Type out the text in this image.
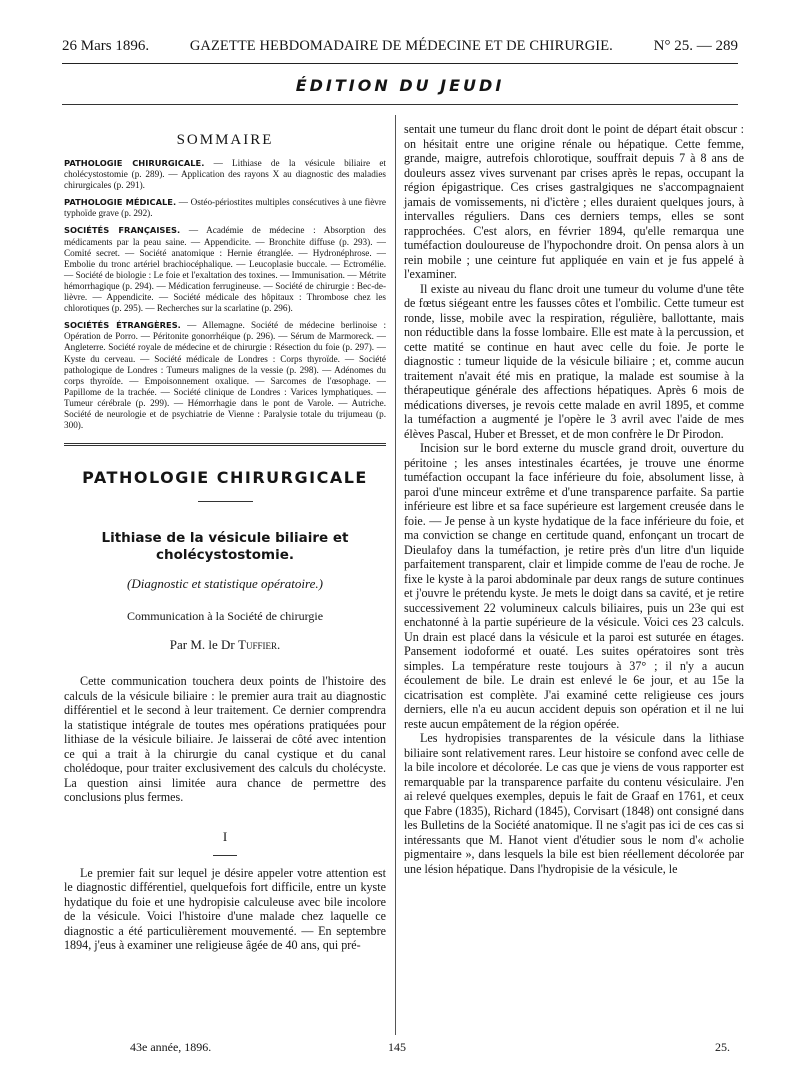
26 Mars 1896.	GAZETTE HEBDOMADAIRE DE MÉDECINE ET DE CHIRURGIE.	N° 25. — 289
ÉDITION DU JEUDI
SOMMAIRE
PATHOLOGIE CHIRURGICALE. — Lithiase de la vésicule biliaire et cholécystostomie (p. 289). — Application des rayons X au diagnostic des maladies chirurgicales (p. 291).
PATHOLOGIE MÉDICALE. — Ostéo-périostites multiples consécutives à une fièvre typhoïde grave (p. 292).
SOCIÉTÉS FRANÇAISES. — Académie de médecine : Absorption des médicaments par la peau saine. — Appendicite. — Bronchite diffuse (p. 293). — Comité secret. — Société anatomique : Hernie étranglée. — Hydronéphrose. — Embolie du tronc artériel brachiocéphalique. — Leucoplasie buccale. — Ectromélie. — Société de biologie : Le foie et l'exaltation des toxines. — Immunisation. — Métrite hémorrhagique (p. 294). — Médication ferrugineuse. — Société de chirurgie : Bec-de-lièvre. — Appendicite. — Société médicale des hôpitaux : Thrombose chez les chlorotiques (p. 295). — Recherches sur la scarlatine (p. 296).
SOCIÉTÉS ÉTRANGÈRES. — Allemagne. Société de médecine berlinoise : Opération de Porro. — Péritonite gonorrhéique (p. 296). — Sérum de Marmoreck. — Angleterre. Société royale de médecine et de chirurgie : Résection du foie (p. 297). — Kyste du cerveau. — Société médicale de Londres : Corps thyroïde. — Société pathologique de Londres : Tumeurs malignes de la vessie (p. 298). — Adénomes du corps thyroïde. — Empoisonnement oxalique. — Sarcomes de l'œsophage. — Papillome de la trachée. — Société clinique de Londres : Varices lymphatiques. — Tumeur cérébrale (p. 299). — Hémorrhagie dans le pont de Varole. — Autriche. Société de neurologie et de psychiatrie de Vienne : Paralysie totale du trijumeau (p. 300).
PATHOLOGIE CHIRURGICALE
Lithiase de la vésicule biliaire et cholécystostomie.
(Diagnostic et statistique opératoire.)
Communication à la Société de chirurgie
Par M. le Dr Tuffier.

Cette communication touchera deux points de l'histoire des calculs de la vésicule biliaire : le premier aura trait au diagnostic différentiel et le second à leur traitement. Ce dernier comprendra la statistique intégrale de toutes mes opérations pratiquées pour lithiase de la vésicule biliaire. Je laisserai de côté avec intention ce qui a trait à la chirurgie du canal cystique et du canal cholédoque, pour traiter exclusivement des calculs du cholécyste. La question ainsi limitée aura chance de permettre des conclusions plus fermes.

I

Le premier fait sur lequel je désire appeler votre attention est le diagnostic différentiel, quelquefois fort difficile, entre un kyste hydatique du foie et une hydropisie calculeuse avec bile incolore de la vésicule. Voici l'histoire d'une malade chez laquelle ce diagnostic a été particulièrement mouvementé. — En septembre 1894, j'eus à examiner une religieuse âgée de 40 ans, qui pré-

sentait une tumeur du flanc droit dont le point de départ était obscur : on hésitait entre une origine rénale ou hépatique. Cette femme, grande, maigre, autrefois chlorotique, souffrait depuis 7 à 8 ans de douleurs assez vives survenant par crises après le repas, occupant la région épigastrique. Ces crises gastralgiques ne s'accompagnaient jamais de vomissements, ni d'ictère ; elles duraient quelques jours, à intervalles réguliers. Dans ces derniers temps, elles se sont rapprochées. C'est alors, en février 1894, qu'elle remarqua une tuméfaction douloureuse de l'hypochondre droit. On pensa alors à un rein mobile ; une ceinture fut appliquée en vain et je fus appelé à l'examiner.

Il existe au niveau du flanc droit une tumeur du volume d'une tête de fœtus siégeant entre les fausses côtes et l'ombilic. Cette tumeur est ronde, lisse, mobile avec la respiration, régulière, ballottante, mais non réductible dans la fosse lombaire. Elle est mate à la percussion, et cette matité se continue en haut avec celle du foie. Je porte le diagnostic : tumeur liquide de la vésicule biliaire ; et, comme aucun traitement n'avait été mis en pratique, la malade est soumise à la thérapeutique générale des affections hépatiques. Après 6 mois de médications diverses, je revois cette malade en avril 1895, et comme la tuméfaction a augmenté je l'opère le 3 avril avec l'aide de mes élèves Pascal, Huber et Bresset, et de mon confrère le Dr Pirodon.

Incision sur le bord externe du muscle grand droit, ouverture du péritoine ; les anses intestinales écartées, je trouve une énorme tuméfaction occupant la face inférieure du foie, absolument lisse, à paroi d'une minceur extrême et d'une transparence parfaite. Sa partie inférieure est libre et sa face supérieure est largement creusée dans le foie. — Je pense à un kyste hydatique de la face inférieure du foie, et ma conviction se change en certitude quand, enfonçant un trocart de Dieulafoy dans la tuméfaction, je retire près d'un litre d'un liquide parfaitement transparent, clair et limpide comme de l'eau de roche. Je fixe le kyste à la paroi abdominale par deux rangs de suture continues et j'ouvre le prétendu kyste. Je mets le doigt dans sa cavité, et je retire successivement 22 volumineux calculs biliaires, puis un 23e qui est enchatonné à la partie supérieure de la vésicule. Voici ces 23 calculs. Un drain est placé dans la vésicule et la paroi est suturée en étages. Pansement iodoformé et ouaté. Les suites opératoires sont très simples. La température reste toujours à 37° ; il n'y a aucun écoulement de bile. Le drain est enlevé le 6e jour, et au 15e la cicatrisation est complète. J'ai examiné cette religieuse ces jours derniers, elle n'a eu aucun accident depuis son opération et il ne lui reste aucun empâtement de la région opérée.

Les hydropisies transparentes de la vésicule dans la lithiase biliaire sont relativement rares. Leur histoire se confond avec celle de la bile incolore et décolorée. Le cas que je viens de vous rapporter est remarquable par la transparence parfaite du contenu vésiculaire. J'en ai relevé quelques exemples, depuis le fait de Graaf en 1761, et ceux que Fabre (1835), Richard (1845), Corvisart (1848) ont consigné dans les Bulletins de la Société anatomique. Il ne s'agit pas ici de ces cas si intéressants que M. Hanot vient d'étudier sous le nom d'« acholie pigmentaire », dans lesquels la bile est bien réellement décolorée par une lésion hépatique. Dans l'hydropisie de la vésicule, le

43e année, 1896.	145	25.
